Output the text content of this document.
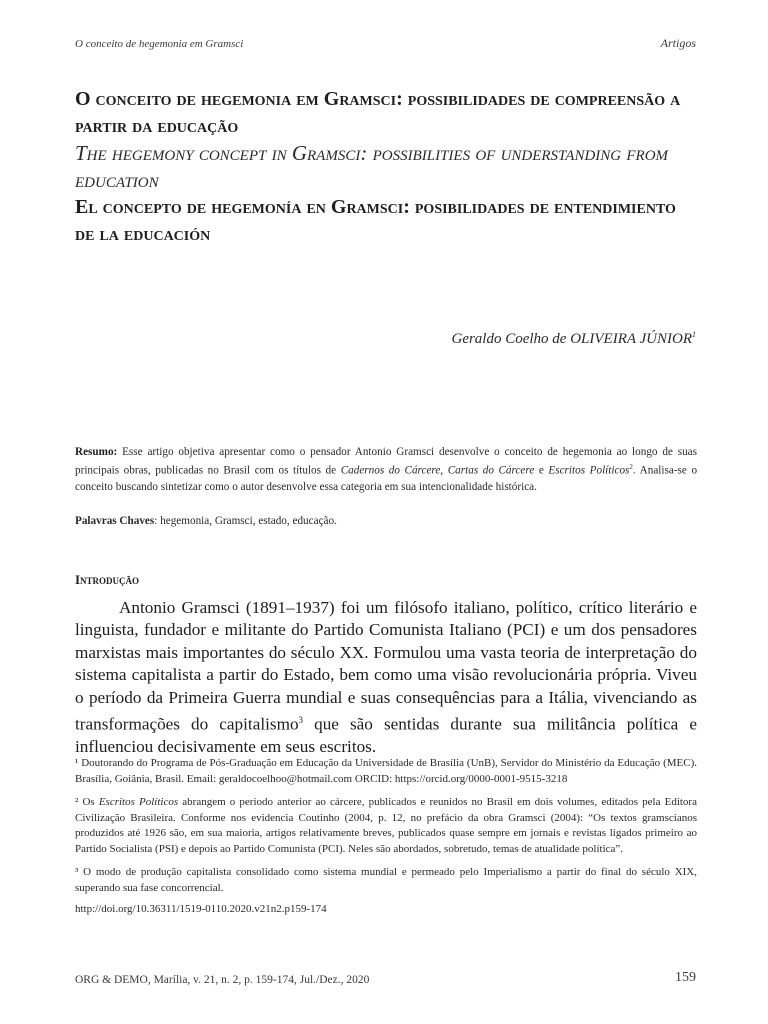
O conceito de hegemonia em Gramsci	Artigos
O conceito de hegemonia em Gramsci: possibilidades de compreensão a partir da educação
The hegemony concept in Gramsci: possibilities of understanding from education
El concepto de hegemonía en Gramsci: posibilidades de entendimiento de la educación
Geraldo Coelho de OLIVEIRA JÚNIOR$^1$
Resumo: Esse artigo objetiva apresentar como o pensador Antonio Gramsci desenvolve o conceito de hegemonia ao longo de suas principais obras, publicadas no Brasil com os títulos de Cadernos do Cárcere, Cartas do Cárcere e Escritos Políticos$^2$. Analisa-se o conceito buscando sintetizar como o autor desenvolve essa categoria em sua intencionalidade histórica.
Palavras Chaves: hegemonia, Gramsci, estado, educação.
Introdução
Antonio Gramsci (1891–1937) foi um filósofo italiano, político, crítico literário e linguista, fundador e militante do Partido Comunista Italiano (PCI) e um dos pensadores marxistas mais importantes do século XX. Formulou uma vasta teoria de interpretação do sistema capitalista a partir do Estado, bem como uma visão revolucionária própria. Viveu o período da Primeira Guerra mundial e suas consequências para a Itália, vivenciando as transformações do capitalismo$^3$ que são sentidas durante sua militância política e influenciou decisivamente em seus escritos.
¹ Doutorando do Programa de Pós-Graduação em Educação da Universidade de Brasília (UnB), Servidor do Ministério da Educação (MEC). Brasília, Goiânia, Brasil. Email: geraldocoelhoo@hotmail.com ORCID: https://orcid.org/0000-0001-9515-3218
² Os Escritos Políticos abrangem o período anterior ao cárcere, publicados e reunidos no Brasil em dois volumes, editados pela Editora Civilização Brasileira. Conforme nos evidencia Coutinho (2004, p. 12, no prefácio da obra Gramsci (2004): “Os textos gramscianos produzidos até 1926 são, em sua maioria, artigos relativamente breves, publicados quase sempre em jornais e revistas ligados primeiro ao Partido Socialista (PSI) e depois ao Partido Comunista (PCI). Neles são abordados, sobretudo, temas de atualidade política”.
³ O modo de produção capitalista consolidado como sistema mundial e permeado pelo Imperialismo a partir do final do século XIX, superando sua fase concorrencial.
http://doi.org/10.36311/1519-0110.2020.v21n2.p159-174
ORG & DEMO, Marília, v. 21, n. 2, p. 159-174, Jul./Dez., 2020	159
